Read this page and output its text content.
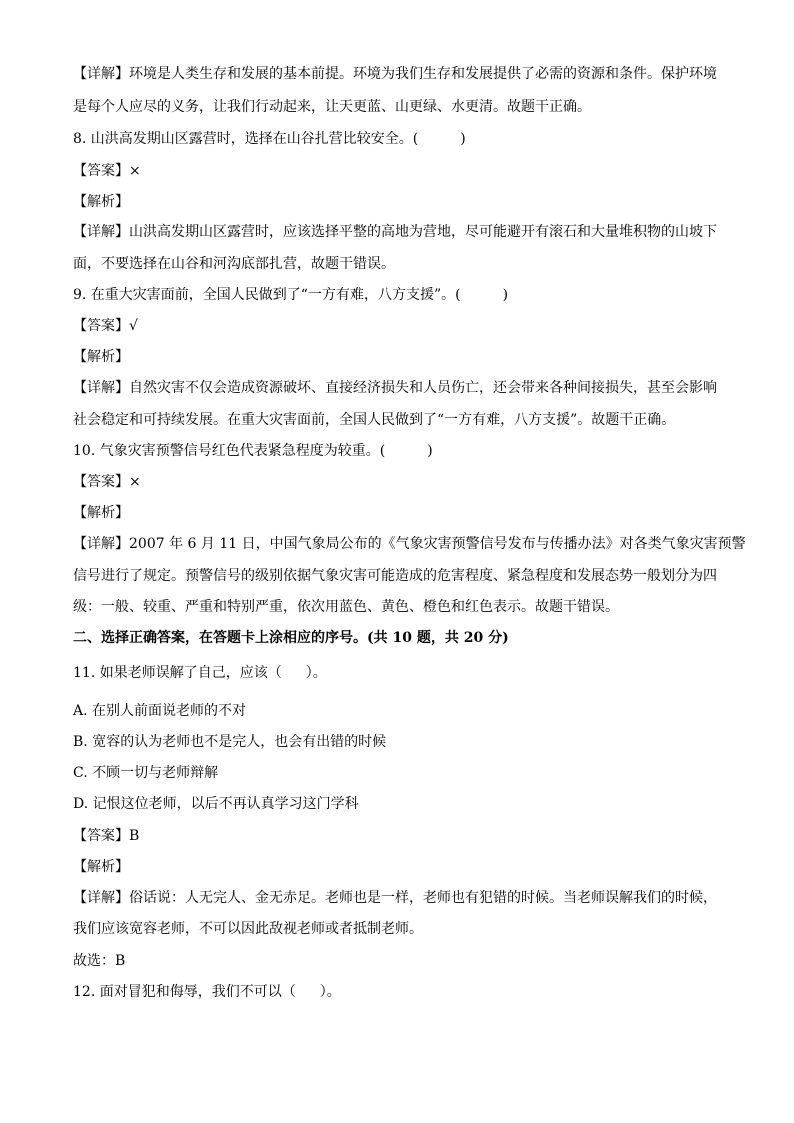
【详解】环境是人类生存和发展的基本前提。环境为我们生存和发展提供了必需的资源和条件。保护环境
是每个人应尽的义务，让我们行动起来，让天更蓝、山更绿、水更清。故题干正确。
8. 山洪高发期山区露营时，选择在山谷扎营比较安全。(	)
【答案】×
【解析】
【详解】山洪高发期山区露营时，应该选择平整的高地为营地，尽可能避开有滚石和大量堆积物的山坡下
面，不要选择在山谷和河沟底部扎营，故题干错误。
9. 在重大灾害面前，全国人民做到了“一方有难，八方支援”。(	)
【答案】√
【解析】
【详解】自然灾害不仅会造成资源破坏、直接经济损失和人员伤亡，还会带来各种间接损失，甚至会影响
社会稳定和可持续发展。在重大灾害面前，全国人民做到了“一方有难，八方支援”。故题干正确。
10. 气象灾害预警信号红色代表紧急程度为较重。(	)
【答案】×
【解析】
【详解】2007 年 6 月 11 日，中国气象局公布的《气象灾害预警信号发布与传播办法》对各类气象灾害预警
信号进行了规定。预警信号的级别依据气象灾害可能造成的危害程度、紧急程度和发展态势一般划分为四
级：一般、较重、严重和特别严重，依次用蓝色、黄色、橙色和红色表示。故题干错误。
二、选择正确答案，在答题卡上涂相应的序号。(共 10 题，共 20 分)
11. 如果老师误解了自己，应该（ ）。
A. 在别人前面说老师的不对
B. 宽容的认为老师也不是完人，也会有出错的时候
C. 不顾一切与老师辩解
D. 记恨这位老师，以后不再认真学习这门学科
【答案】B
【解析】
【详解】俗话说：人无完人、金无赤足。老师也是一样，老师也有犯错的时候。当老师误解我们的时候，
我们应该宽容老师，不可以因此敌视老师或者抵制老师。
故选：B
12. 面对冒犯和侮辱，我们不可以（ ）。
